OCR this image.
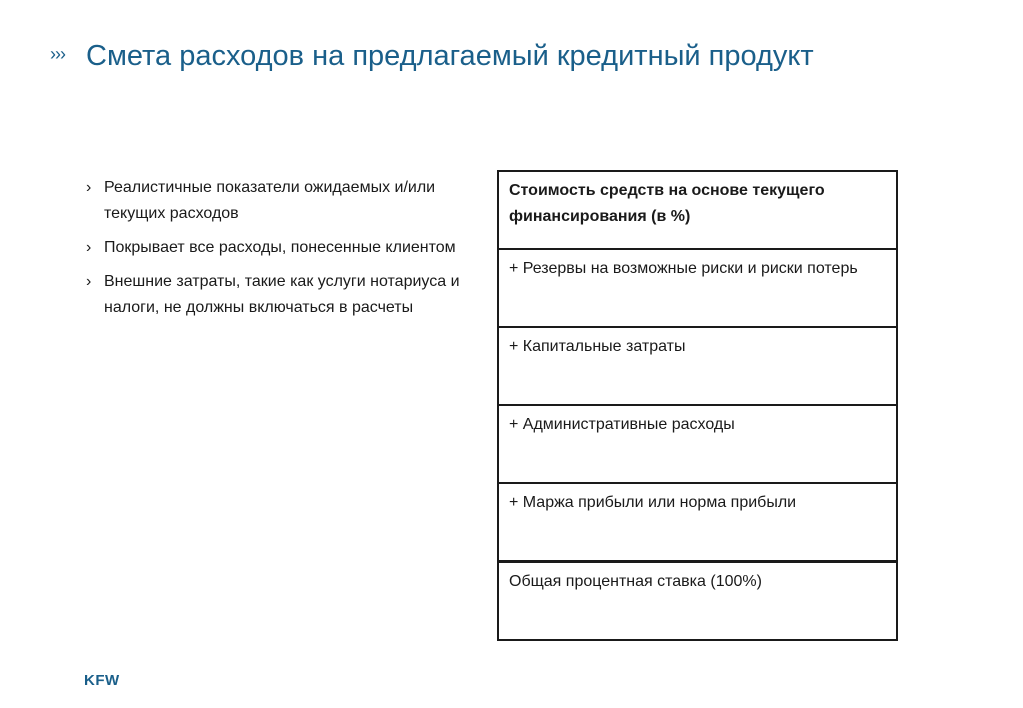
››› Смета расходов на предлагаемый кредитный продукт
› Реалистичные показатели ожидаемых и/или текущих расходов
› Покрывает все расходы, понесенные клиентом
› Внешние затраты, такие как услуги нотариуса и налоги, не должны включаться в расчеты
Стоимость средств на основе текущего финансирования (в %)
+ Резервы на возможные риски и риски потерь
+ Капитальные затраты
+ Административные расходы
+ Маржа прибыли или норма прибыли
Общая процентная ставка (100%)
KFW
